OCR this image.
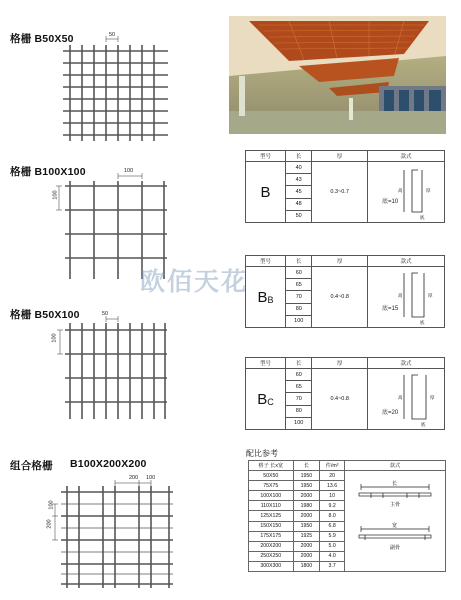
格栅 B50X50	50
格栅 B100X100	100
100
格栅 B50X100	50
100
组合格栅 B100X200X200
200 100
200
100
型号	长	厚	款式
B	40	0.3~0.7	高 厚
底
底=10

	43		
	45		
	48		
	50		
型号	长	厚	款式
$B_B$	60	0.4~0.8	高 厚
底
底=15

	65		
	70		
	80		
	100		
型号	长	厚	款式
$B_C$	60	0.4~0.8	高 厚
底
底=20

	65		
	70		
	80		
	100		
配比参考
格子 长x宽	长	件/m²	款式
50X50	1950	20	长
主骨
宽
副骨

75X75	1950	13.6	
100X100	2000	10	
110X110	1980	9.2	
125X125	2000	8.0	
150X150	1950	6.8	
175X175	1925	5.9	
200X200	2000	5.0	
250X250	2000	4.0	
300X300	1800	3.7	
欧佰天花
